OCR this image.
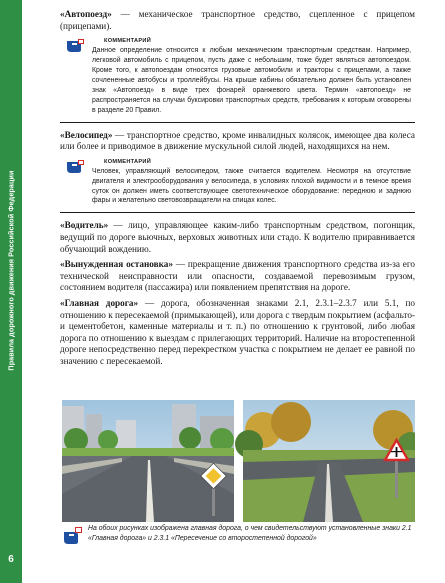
Правила дорожного движения Российской Федерации
6

«Автопоезд» — механическое транспортное средство, сцепленное с прицепом (прицепами).

КОММЕНТАРИЙ

Данное определение относится к любым механическим транспортным средствам. Например, легковой автомобиль с прицепом, пусть даже с небольшим, тоже будет являться автопоездом. Кроме того, к автопоездам относятся грузовые автомобили и тракторы с прицепами, а также сочлененные автобусы и троллейбусы. На крыше кабины обязательно должен быть установлен знак «Автопоезд» в виде трех фонарей оранжевого цвета. Термин «автопоезд» не распространяется на случаи буксировки транспортных средств, требования к которым оговорены в разделе 20 Правил.

«Велосипед» — транспортное средство, кроме инвалидных колясок, имеющее два колеса или более и приводимое в движение мускульной силой людей, находящихся на нем.

КОММЕНТАРИЙ

Человек, управляющий велосипедом, также считается водителем. Несмотря на отсутствие двигателя и электрооборудования у велосипеда, в условиях плохой видимости и в темное время суток он должен иметь соответствующее светотехническое оборудование: переднюю и заднюю фары и желательно световозвращатели на спицах колес.

«Водитель» — лицо, управляющее каким-либо транспортным средством, погонщик, ведущий по дороге вьючных, верховых животных или стадо. К водителю приравнивается обучающий вождению.

«Вынужденная остановка» — прекращение движения транспортного средства из-за его технической неисправности или опасности, создаваемой перевозимым грузом, состоянием водителя (пассажира) или появлением препятствия на дороге.

«Главная дорога» — дорога, обозначенная знаками 2.1, 2.3.1–2.3.7 или 5.1, по отношению к пересекаемой (примыкающей), или дорога с твердым покрытием (асфальто- и цементобетон, каменные материалы и т. п.) по отношению к грунтовой, либо любая дорога по отношению к выездам с прилегающих территорий. Наличие на второстепенной дороге непосредственно перед перекрестком участка с покрытием не делает ее равной по значению с пересекаемой.

На обоих рисунках изображена главная дорога, о чем свидетельствуют установленные знаки 2.1 «Главная дорога» и 2.3.1 «Пересечение со второстепенной дорогой»
